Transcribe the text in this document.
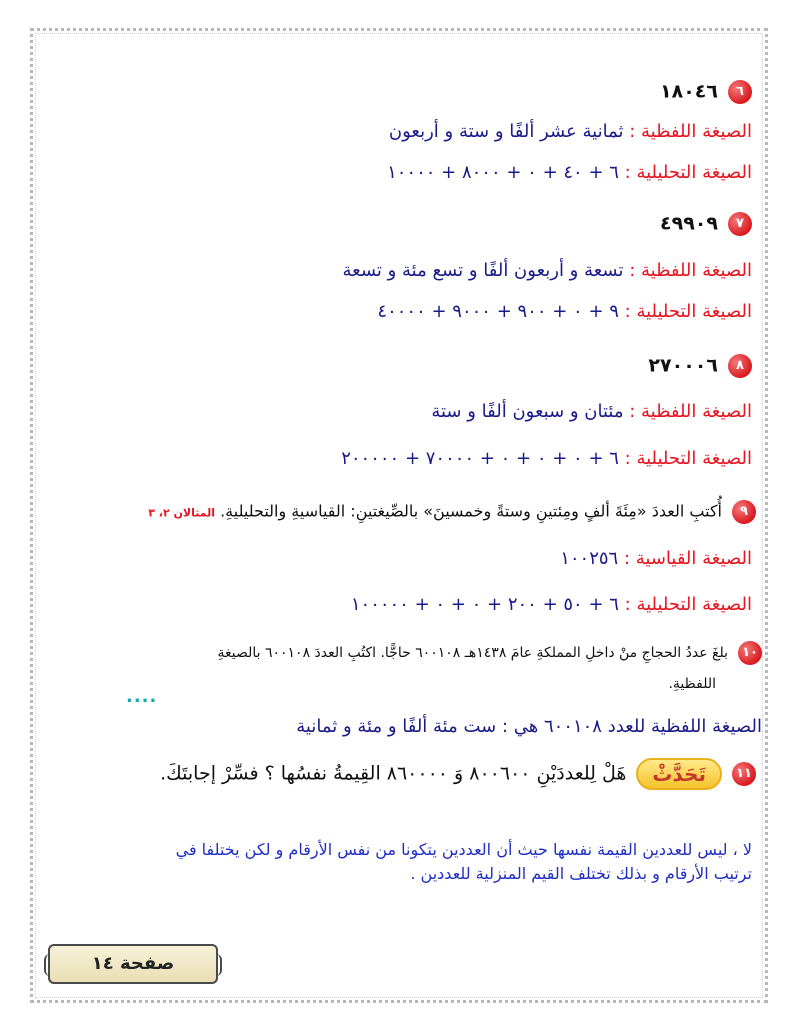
٦١٨٠٤٦
الصيغة اللفظية : ثمانية عشر ألفًا و ستة و أربعون
الصيغة التحليلية : ٦ + ٤٠ + ٠ + ٨٠٠٠ + ١٠٠٠٠
٧٤٩٩٠٩
الصيغة اللفظية : تسعة و أربعون ألفًا و تسع مئة و تسعة
الصيغة التحليلية : ٩ + ٠ + ٩٠٠ + ٩٠٠٠ + ٤٠٠٠٠
٨٢٧٠٠٠٦
الصيغة اللفظية : مئتان و سبعون ألفًا و ستة
الصيغة التحليلية : ٦ + ٠ + ٠ + ٠ + ٧٠٠٠٠ + ٢٠٠٠٠٠
٩أُكتبِ العددَ «مِئَةَ ألفٍ ومِئتينِ وستةً وخمسينَ» بالصِّيغتينِ: القياسيةِ والتحليليةِ. المثالان ٢، ٣
الصيغة القياسية : ١٠٠٢٥٦
الصيغة التحليلية : ٦ + ٥٠ + ٢٠٠ + ٠ + ٠ + ١٠٠٠٠٠
١٠بلغَ عددُ الحجاجِ منْ داخلِ المملكةِ عامَ ١٤٣٨هـ ٦٠٠١٠٨ حاجًّا. اكتُبِ العددَ ٦٠٠١٠٨ بالصيغةِ
اللفظيةِ.
....
الصيغة اللفظية للعدد ٦٠٠١٠٨ هي : ست مئة ألفًا و مئة و ثمانية
١١تَحَدَّثْهَلْ لِلعددَيْنِ ٨٠٠٦٠٠ وَ ٨٦٠٠٠٠ القِيمةُ نفسُها ؟ فسِّرْ إجابتَكَ.
لا ، ليس للعددين القيمة نفسها حيث أن العددين يتكونا من نفس الأرقام و لكن يختلفا في
ترتيب الأرقام و بذلك تختلف القيم المنزلية للعددين .
صفحة ١٤
